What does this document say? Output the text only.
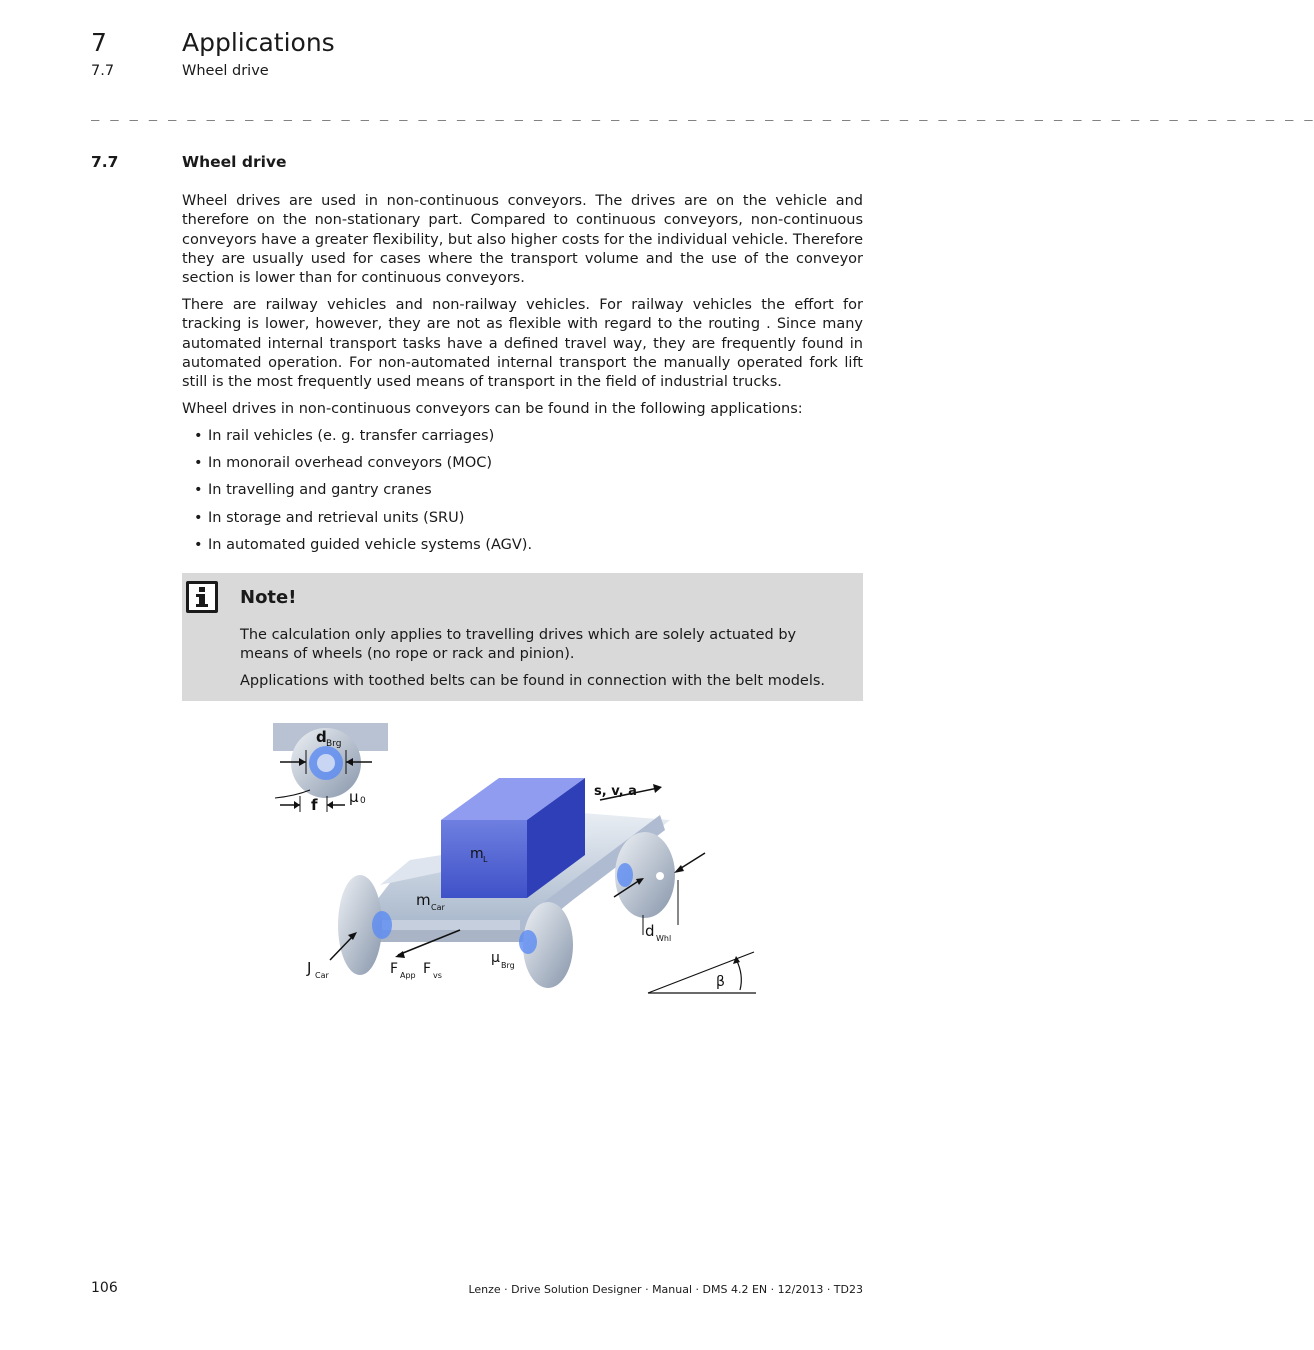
7	Applications
7.7	Wheel drive
_ _ _ _ _ _ _ _ _ _ _ _ _ _ _ _ _ _ _ _ _ _ _ _ _ _ _ _ _ _ _ _ _ _ _ _ _ _ _ _ _ _ _ _ _ _ _ _ _ _ _ _ _ _ _ _ _ _ _ _ _ _ _ _
7.7	Wheel drive
Wheel drives are used in non-continuous conveyors. The drives are on the vehicle and therefore on the non-stationary part. Compared to continuous conveyors, non-continuous conveyors have a greater flexibility, but also higher costs for the individual vehicle. Therefore they are usually used for cases where the transport volume and the use of the conveyor section is lower than for continuous conveyors.
There are railway vehicles and non-railway vehicles. For railway vehicles the effort for tracking is lower, however, they are not as flexible with regard to the routing . Since many automated internal transport tasks have a defined travel way, they are frequently found in automated operation. For non-automated internal transport the manually operated fork lift still is the most frequently used means of transport in the field of industrial trucks.
Wheel drives in non-continuous conveyors can be found in the following applications:
• In rail vehicles (e. g. transfer carriages)
• In monorail overhead conveyors (MOC)
• In travelling and gantry cranes
• In storage and retrieval units (SRU)
• In automated guided vehicle systems (AGV).
Note!
The calculation only applies to travelling drives which are solely actuated by means of wheels (no rope or rack and pinion).
Applications with toothed belts can be found in connection with the belt models.
d Brg
f μ 0
m L
s, v, a
m Car
d Whl
J Car	F App F vs
μ Brg
β
106	Lenze · Drive Solution Designer · Manual · DMS 4.2 EN · 12/2013 · TD23
